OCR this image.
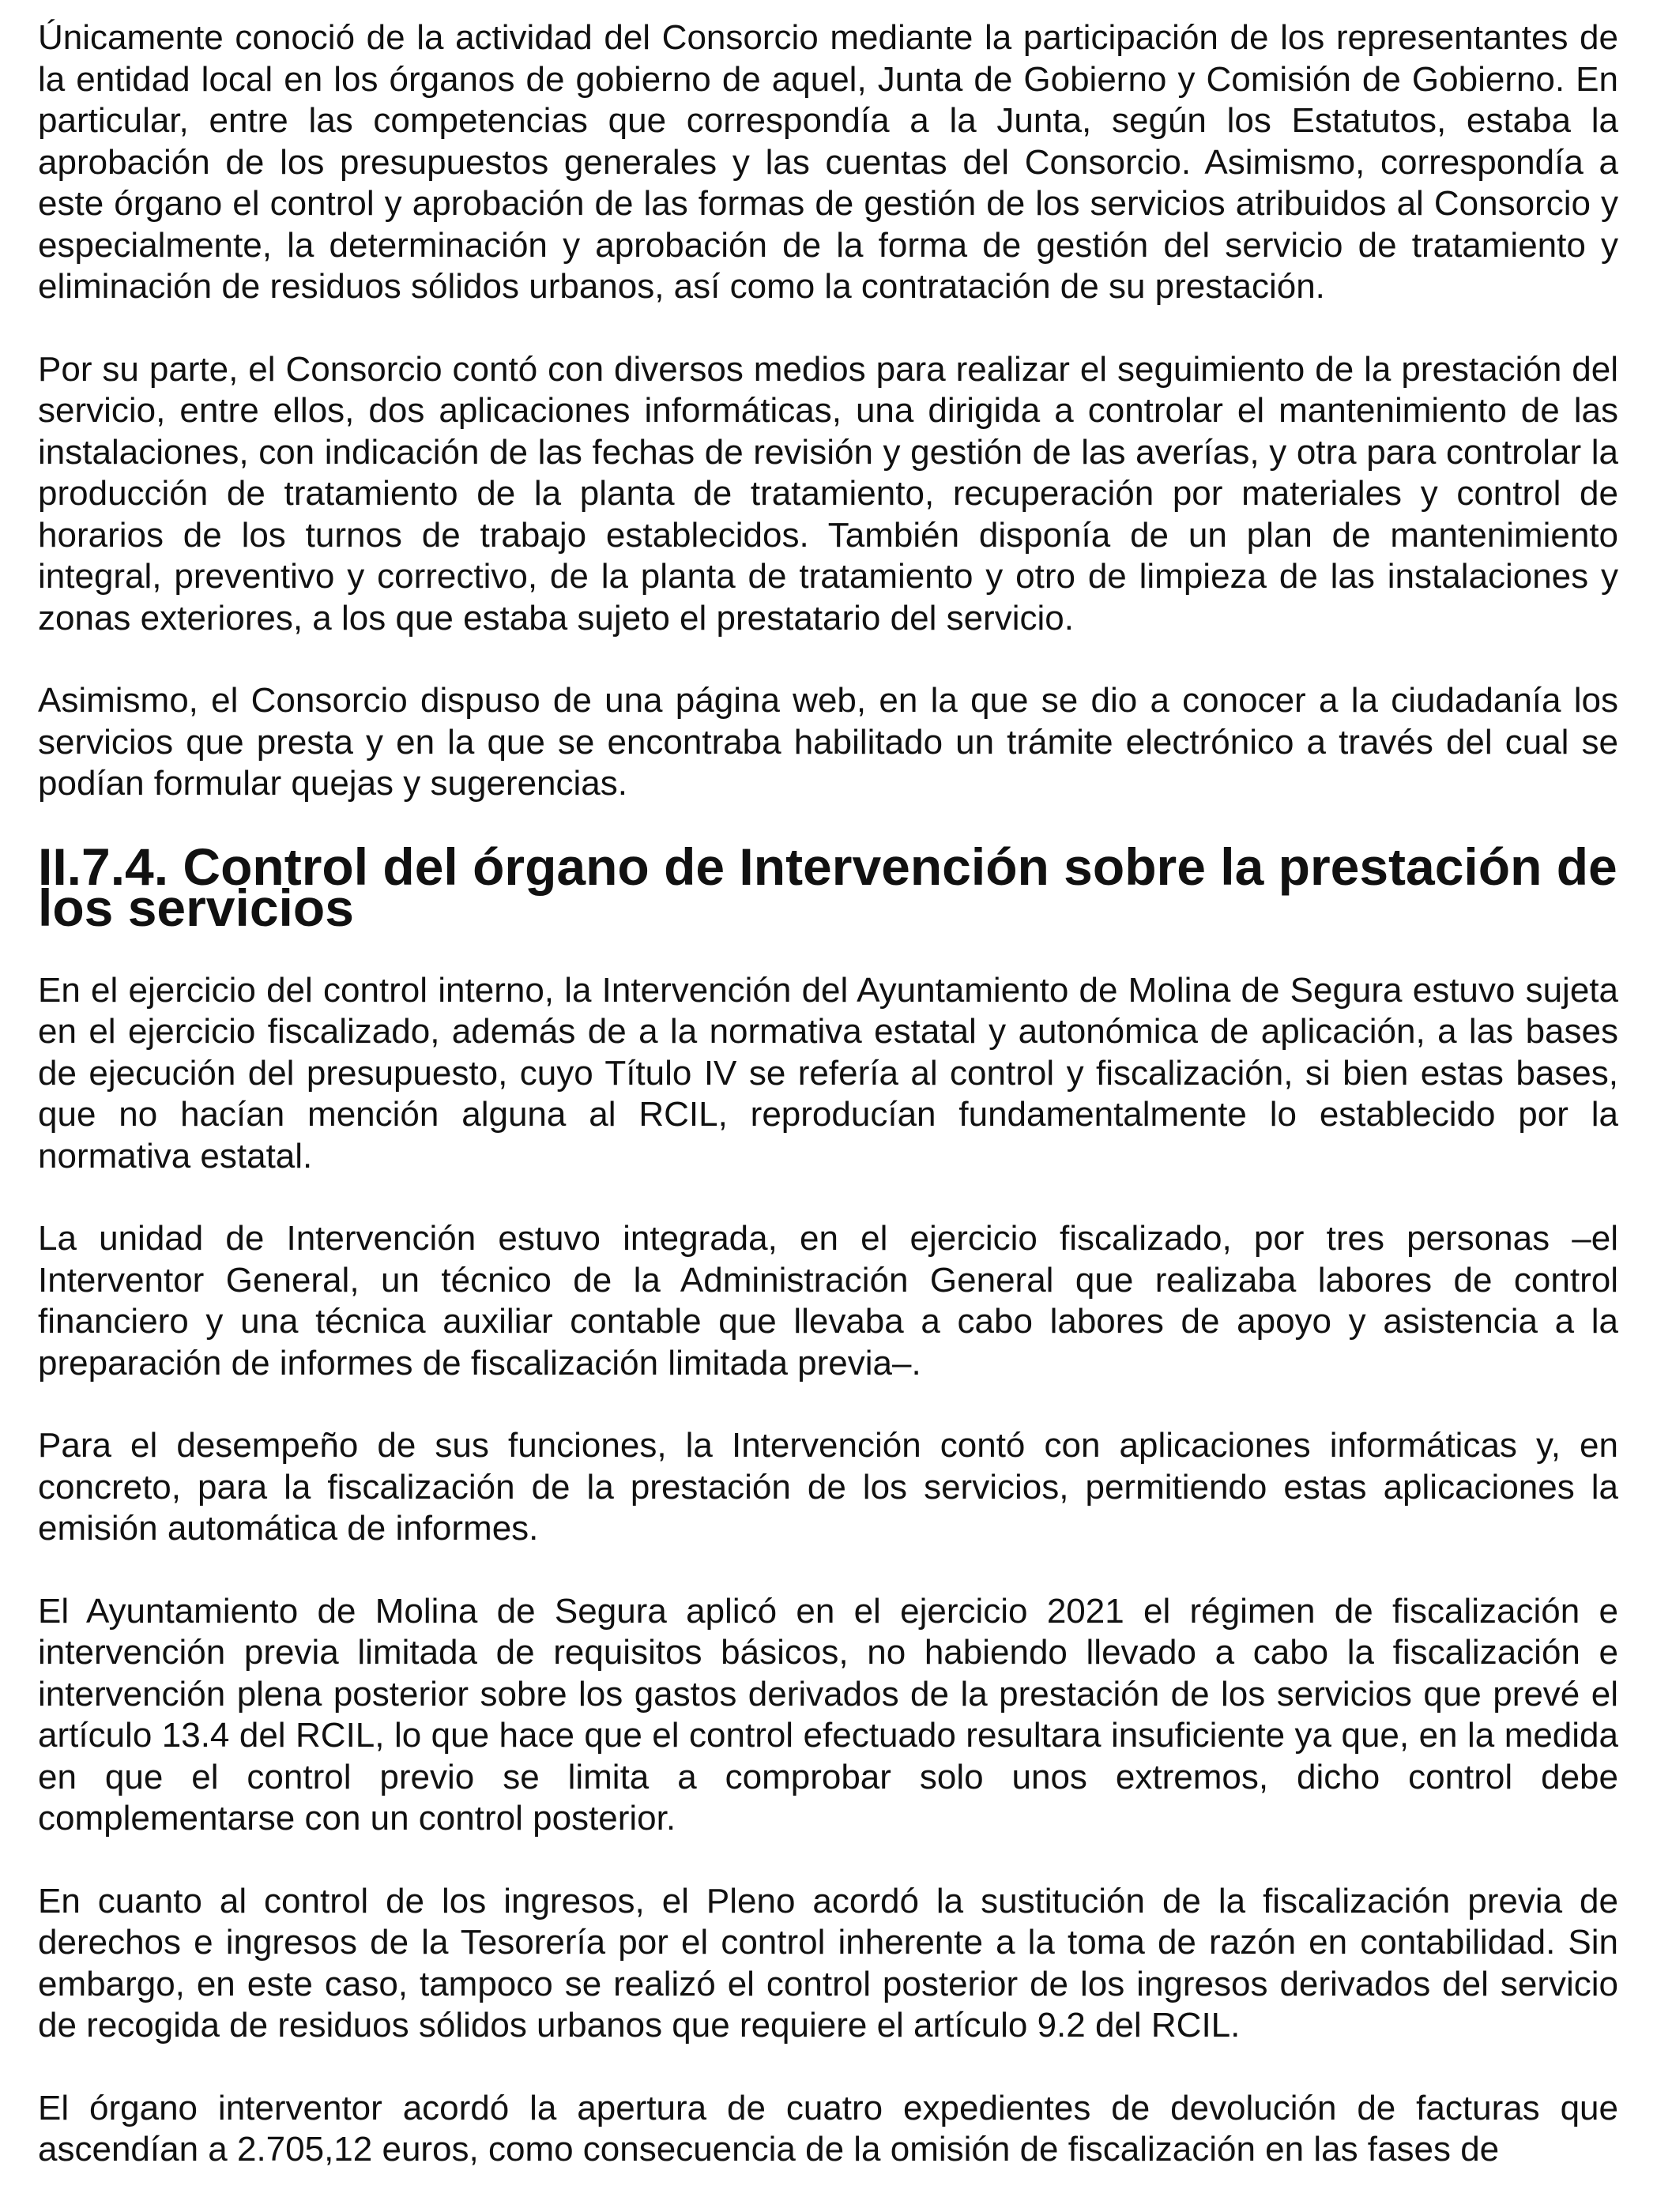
Únicamente conoció de la actividad del Consorcio mediante la participación de los representantes de la entidad local en los órganos de gobierno de aquel, Junta de Gobierno y Comisión de Gobierno. En particular, entre las competencias que correspondía a la Junta, según los Estatutos, estaba la aprobación de los presupuestos generales y las cuentas del Consorcio. Asimismo, correspondía a este órgano el control y aprobación de las formas de gestión de los servicios atribuidos al Consorcio y especialmente, la determinación y aprobación de la forma de gestión del servicio de tratamiento y eliminación de residuos sólidos urbanos, así como la contratación de su prestación.

Por su parte, el Consorcio contó con diversos medios para realizar el seguimiento de la prestación del servicio, entre ellos, dos aplicaciones informáticas, una dirigida a controlar el mantenimiento de las instalaciones, con indicación de las fechas de revisión y gestión de las averías, y otra para controlar la producción de tratamiento de la planta de tratamiento, recuperación por materiales y control de horarios de los turnos de trabajo establecidos. También disponía de un plan de mantenimiento integral, preventivo y correctivo, de la planta de tratamiento y otro de limpieza de las instalaciones y zonas exteriores, a los que estaba sujeto el prestatario del servicio.

Asimismo, el Consorcio dispuso de una página web, en la que se dio a conocer a la ciudadanía los servicios que presta y en la que se encontraba habilitado un trámite electrónico a través del cual se podían formular quejas y sugerencias.

II.7.4. Control del órgano de Intervención sobre la prestación de los servicios

En el ejercicio del control interno, la Intervención del Ayuntamiento de Molina de Segura estuvo sujeta en el ejercicio fiscalizado, además de a la normativa estatal y autonómica de aplicación, a las bases de ejecución del presupuesto, cuyo Título IV se refería al control y fiscalización, si bien estas bases, que no hacían mención alguna al RCIL, reproducían fundamentalmente lo establecido por la normativa estatal.

La unidad de Intervención estuvo integrada, en el ejercicio fiscalizado, por tres personas –el Interventor General, un técnico de la Administración General que realizaba labores de control financiero y una técnica auxiliar contable que llevaba a cabo labores de apoyo y asistencia a la preparación de informes de fiscalización limitada previa–.

Para el desempeño de sus funciones, la Intervención contó con aplicaciones informáticas y, en concreto, para la fiscalización de la prestación de los servicios, permitiendo estas aplicaciones la emisión automática de informes.

El Ayuntamiento de Molina de Segura aplicó en el ejercicio 2021 el régimen de fiscalización e intervención previa limitada de requisitos básicos, no habiendo llevado a cabo la fiscalización e intervención plena posterior sobre los gastos derivados de la prestación de los servicios que prevé el artículo 13.4 del RCIL, lo que hace que el control efectuado resultara insuficiente ya que, en la medida en que el control previo se limita a comprobar solo unos extremos, dicho control debe complementarse con un control posterior.

En cuanto al control de los ingresos, el Pleno acordó la sustitución de la fiscalización previa de derechos e ingresos de la Tesorería por el control inherente a la toma de razón en contabilidad. Sin embargo, en este caso, tampoco se realizó el control posterior de los ingresos derivados del servicio de recogida de residuos sólidos urbanos que requiere el artículo 9.2 del RCIL.

El órgano interventor acordó la apertura de cuatro expedientes de devolución de facturas que ascendían a 2.705,12 euros, como consecuencia de la omisión de fiscalización en las fases de
